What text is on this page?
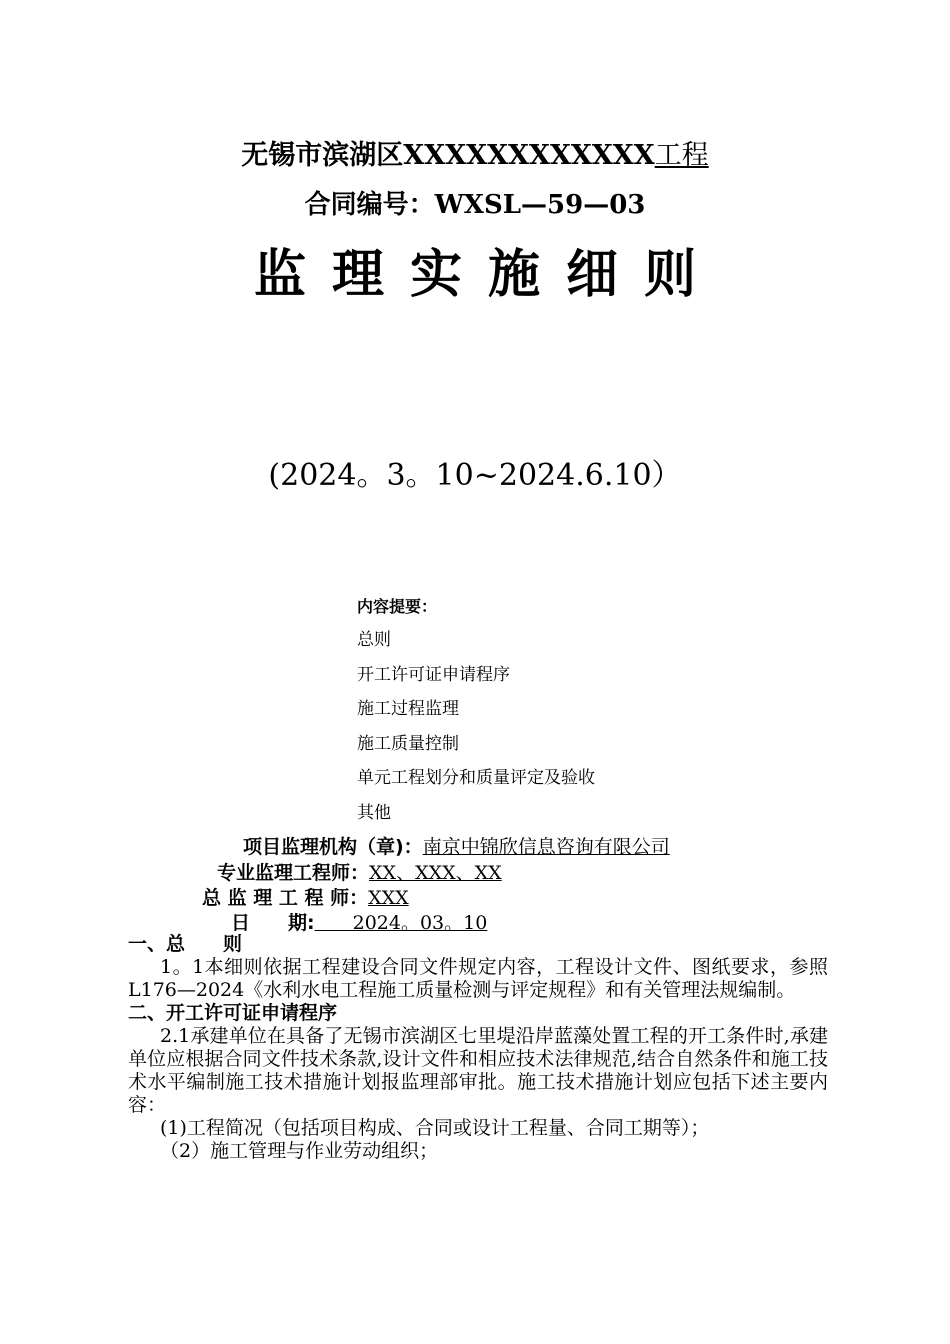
无锡市滨湖区XXXXXXXXXXXX工程
合同编号：WXSL—59—03
监理实施细则
(2024。3。10~2024.6.10）
内容提要：
总则
开工许可证申请程序
施工过程监理
施工质量控制
单元工程划分和质量评定及验收
其他
项目监理机构（章)：南京中锦欣信息咨询有限公司
专业监理工程师：XX、XXX、XX
总 监 理 工 程 师：XXX
日　　期:　　2024。03。10
一、总　　则
1。1本细则依据工程建设合同文件规定内容，工程设计文件、图纸要求，参照L176—2024《水利水电工程施工质量检测与评定规程》和有关管理法规编制。
二、开工许可证申请程序
2.1承建单位在具备了无锡市滨湖区七里堤沿岸蓝藻处置工程的开工条件时,承建单位应根据合同文件技术条款,设计文件和相应技术法律规范,结合自然条件和施工技术水平编制施工技术措施计划报监理部审批。施工技术措施计划应包括下述主要内容：
(1)工程简况（包括项目构成、合同或设计工程量、合同工期等）；
（2）施工管理与作业劳动组织；
